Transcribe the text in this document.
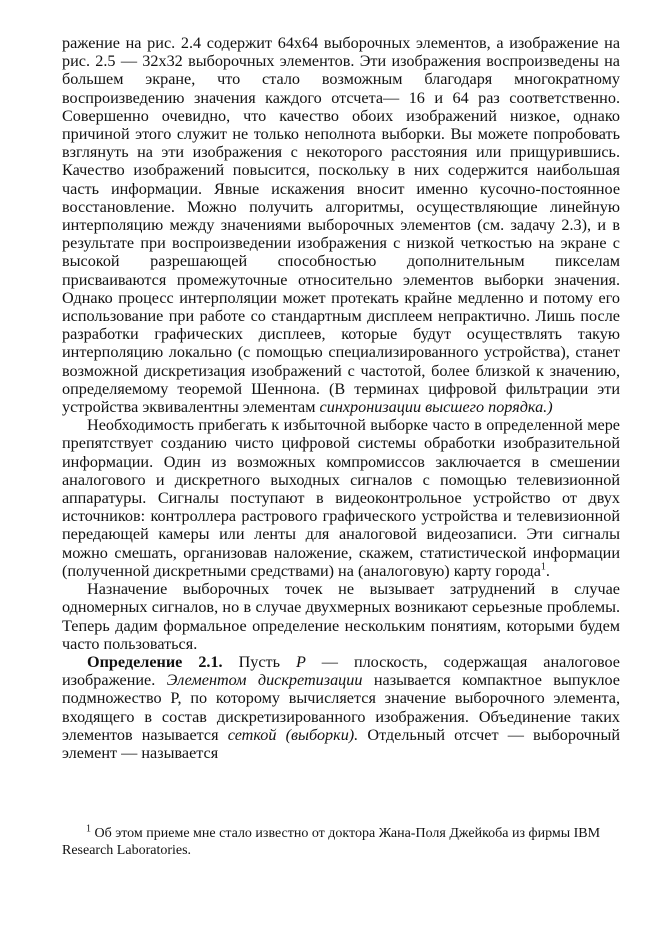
ражение на рис. 2.4 содержит 64х64 выборочных элементов, а изображение на рис. 2.5 — 32х32 выборочных элементов. Эти изображения воспроизведены на большем экране, что стало возможным благодаря многократному воспроизведению значения каждого отсчета— 16 и 64 раз соответственно. Совершенно очевидно, что качество обоих изображений низкое, однако причиной этого служит не только неполнота выборки. Вы можете попробовать взглянуть на эти изображения с некоторого расстояния или прищурившись. Качество изображений повысится, поскольку в них содержится наибольшая часть информации. Явные искажения вносит именно кусочно-постоянное восстановление. Можно получить алгоритмы, осуществляющие линейную интерполяцию между значениями выборочных элементов (см. задачу 2.3), и в результате при воспроизведении изображения с низкой четкостью на экране с высокой разрешающей способностью дополнительным пикселам присваиваются промежуточные относительно элементов выборки значения. Однако процесс интерполяции может протекать крайне медленно и потому его использование при работе со стандартным дисплеем непрактично. Лишь после разработки графических дисплеев, которые будут осуществлять такую интерполяцию локально (с помощью специализированного устройства), станет возможной дискретизация изображений с частотой, более близкой к значению, определяемому теоремой Шеннона. (В терминах цифровой фильтрации эти устройства эквивалентны элементам синхронизации высшего порядка.)

Необходимость прибегать к избыточной выборке часто в определенной мере препятствует созданию чисто цифровой системы обработки изобразительной информации. Один из возможных компромиссов заключается в смешении аналогового и дискретного выходных сигналов с помощью телевизионной аппаратуры. Сигналы поступают в видеоконтрольное устройство от двух источников: контроллера растрового графического устройства и телевизионной передающей камеры или ленты для аналоговой видеозаписи. Эти сигналы можно смешать, организовав наложение, скажем, статистической информации (полученной дискретными средствами) на (аналоговую) карту города$^1$.

Назначение выборочных точек не вызывает затруднений в случае одномерных сигналов, но в случае двухмерных возникают серьезные проблемы. Теперь дадим формальное определение нескольким понятиям, которыми будем часто пользоваться.

Определение 2.1. Пусть P — плоскость, содержащая аналоговое изображение. Элементом дискретизации называется компактное выпуклое подмножество P, по которому вычисляется значение выборочного элемента, входящего в состав дискретизированного изображения. Объединение таких элементов называется сеткой (выборки). Отдельный отсчет — выборочный элемент — называется

$^1$ Об этом приеме мне стало известно от доктора Жана-Поля Джейкоба из фирмы IBM Research Laboratories.
